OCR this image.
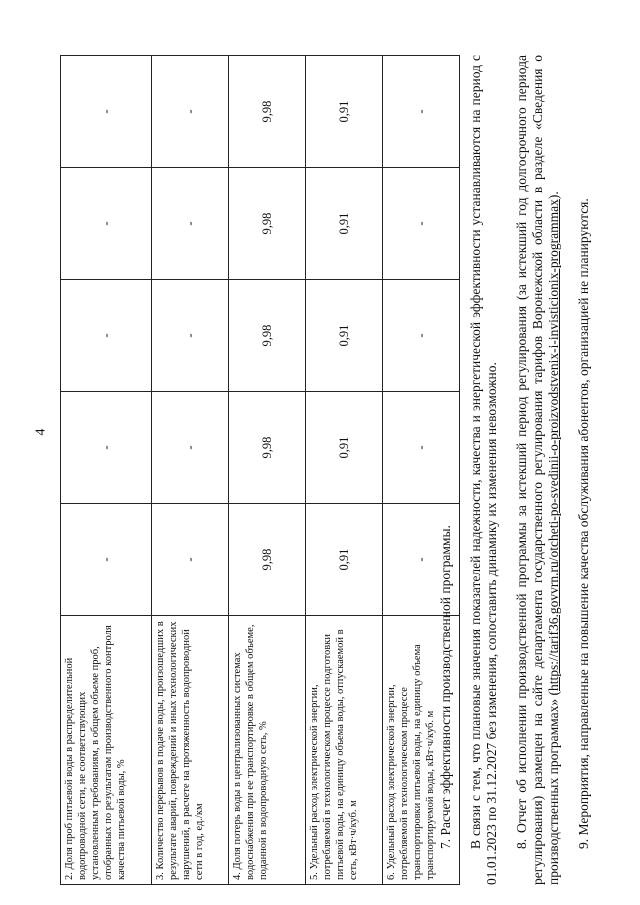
4
2. Доля проб питьевой воды в распределительной водопроводной сети, не соответствующих установленным требованиям, в общем объеме проб, отобранных по результатам производственного контроля качества питьевой воды, %	-	-	-	-	-
3. Количество перерывов в подаче воды, произошедших в результате аварий, повреждений и иных технологических нарушений, в расчете на протяженность водопроводной сети в год, ед./км	-	-	-	-	-
4. Доля потерь воды в централизованных системах водоснабжения при ее транспортировке в общем объеме, поданной в водопроводную сеть, %	9,98	9,98	9,98	9,98	9,98
5. Удельный расход электрической энергии, потребляемой в технологическом процессе подготовки питьевой воды, на единицу объема воды, отпускаемой в сеть, кВт·ч/куб. м	0,91	0,91	0,91	0,91	0,91
6. Удельный расход электрической энергии, потребляемой в технологическом процессе транспортировки питьевой воды, на единицу объема транспортируемой воды, кВт·ч/куб. м	-	-	-	-	-

7. Расчет эффективности производственной программы. В связи с тем, что плановые значения показателей надежности, качества и энергетической эффективности устанавливаются на период с 01.01.2023 по 31.12.2027 без изменения, сопоставить динамику их изменения невозможно. 8. Отчет об исполнении производственной программы за истекший период регулирования (за истекший год долгосрочного периода регулирования) размещен на сайте департамента государственного регулирования тарифов Воронежской области в разделе «Сведения о производственных программах» (https://tarif36.govvrn.ru/otcheti-po-svedinii-o-proizvodstvenix-i-invisticionix-programmax).

9. Мероприятия, направленные на повышение качества обслуживания абонентов, организацией не планируются.
